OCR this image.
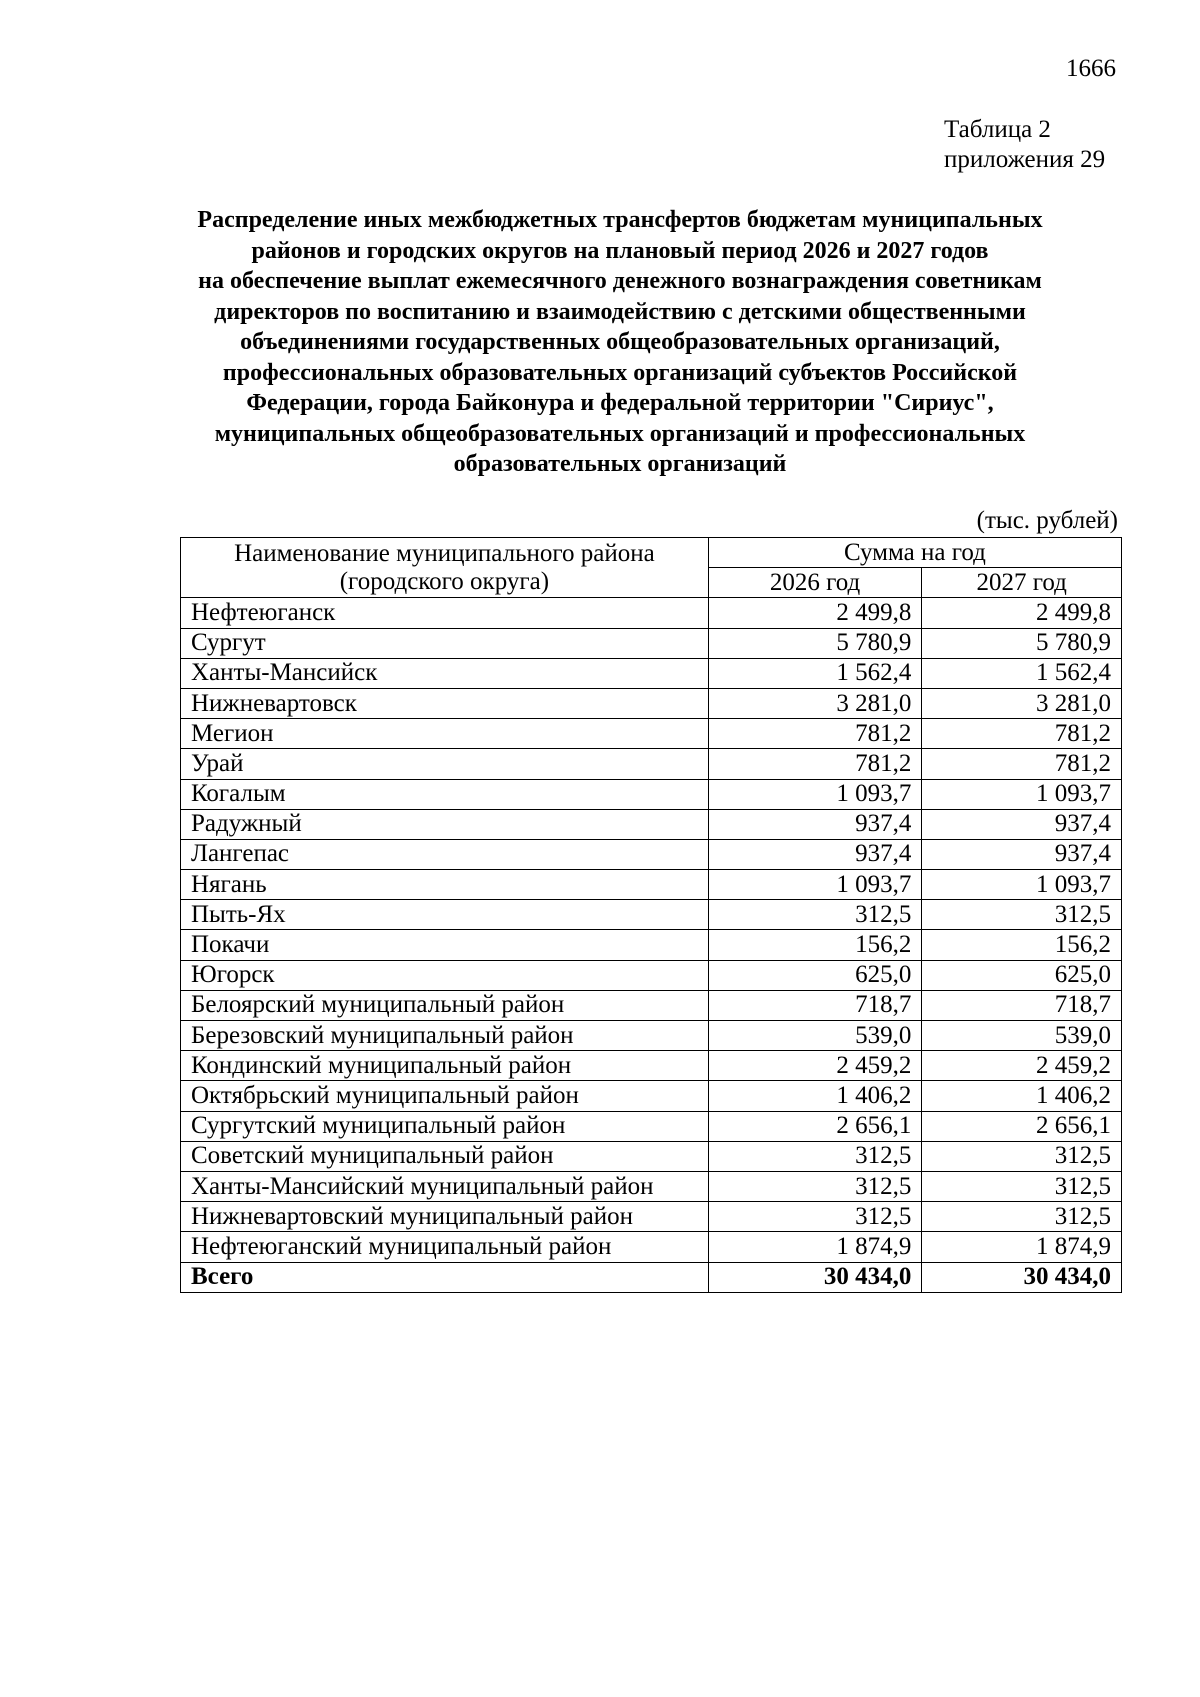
1666
Таблица 2
приложения 29
Распределение иных межбюджетных трансфертов бюджетам муниципальных
районов и городских округов на плановый период 2026 и 2027 годов
на обеспечение выплат ежемесячного денежного вознаграждения советникам
директоров по воспитанию и взаимодействию с детскими общественными
объединениями государственных общеобразовательных организаций,
профессиональных образовательных организаций субъектов Российской
Федерации, города Байконура и федеральной территории "Сириус",
муниципальных общеобразовательных организаций и профессиональных
образовательных организаций
(тыс. рублей)
Наименование муниципального района
(городского округа)	Сумма на год	
	2026 год	2027 год
Нефтеюганск	2 499,8	2 499,8
Сургут	5 780,9	5 780,9
Ханты-Мансийск	1 562,4	1 562,4
Нижневартовск	3 281,0	3 281,0
Мегион	781,2	781,2
Урай	781,2	781,2
Когалым	1 093,7	1 093,7
Радужный	937,4	937,4
Лангепас	937,4	937,4
Нягань	1 093,7	1 093,7
Пыть-Ях	312,5	312,5
Покачи	156,2	156,2
Югорск	625,0	625,0
Белоярский муниципальный район	718,7	718,7
Березовский муниципальный район	539,0	539,0
Кондинский муниципальный район	2 459,2	2 459,2
Октябрьский муниципальный район	1 406,2	1 406,2
Сургутский муниципальный район	2 656,1	2 656,1
Советский муниципальный район	312,5	312,5
Ханты-Мансийский муниципальный район	312,5	312,5
Нижневартовский муниципальный район	312,5	312,5
Нефтеюганский муниципальный район	1 874,9	1 874,9
Всего	30 434,0	30 434,0
